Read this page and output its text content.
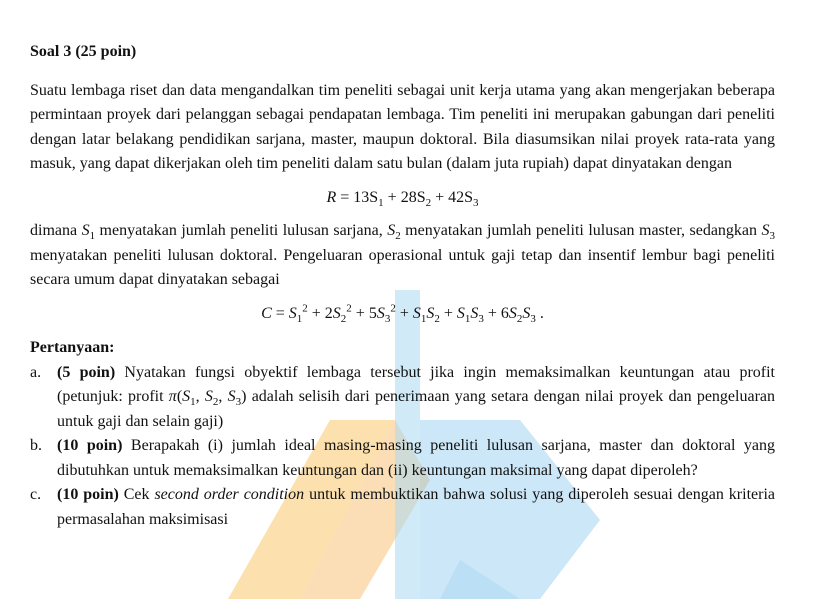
Soal 3 (25 poin)

Suatu lembaga riset dan data mengandalkan tim peneliti sebagai unit kerja utama yang akan mengerjakan beberapa permintaan proyek dari pelanggan sebagai pendapatan lembaga. Tim peneliti ini merupakan gabungan dari peneliti dengan latar belakang pendidikan sarjana, master, maupun doktoral. Bila diasumsikan nilai proyek rata-rata yang masuk, yang dapat dikerjakan oleh tim peneliti dalam satu bulan (dalam juta rupiah) dapat dinyatakan dengan

$R = 13S_1 + 28S_2 + 42S_3$

dimana $S_1$ menyatakan jumlah peneliti lulusan sarjana, $S_2$ menyatakan jumlah peneliti lulusan master, sedangkan $S_3$ menyatakan peneliti lulusan doktoral. Pengeluaran operasional untuk gaji tetap dan insentif lembur bagi peneliti secara umum dapat dinyatakan sebagai

$C = S_1^2 + 2S_2^2 + 5S_3^2 + S_1S_2 + S_1S_3 + 6S_2S_3$ .
Pertanyaan:
a. (5 poin) Nyatakan fungsi obyektif lembaga tersebut jika ingin memaksimalkan keuntungan atau profit (petunjuk: profit $\pi(S_1$, $S_2$, $S_3$) adalah selisih dari penerimaan yang setara dengan nilai proyek dan pengeluaran untuk gaji dan selain gaji)
b. (10 poin) Berapakah (i) jumlah ideal masing-masing peneliti lulusan sarjana, master dan doktoral yang dibutuhkan untuk memaksimalkan keuntungan dan (ii) keuntungan maksimal yang dapat diperoleh?
c. (10 poin) Cek second order condition untuk membuktikan bahwa solusi yang diperoleh sesuai dengan kriteria permasalahan maksimisasi
